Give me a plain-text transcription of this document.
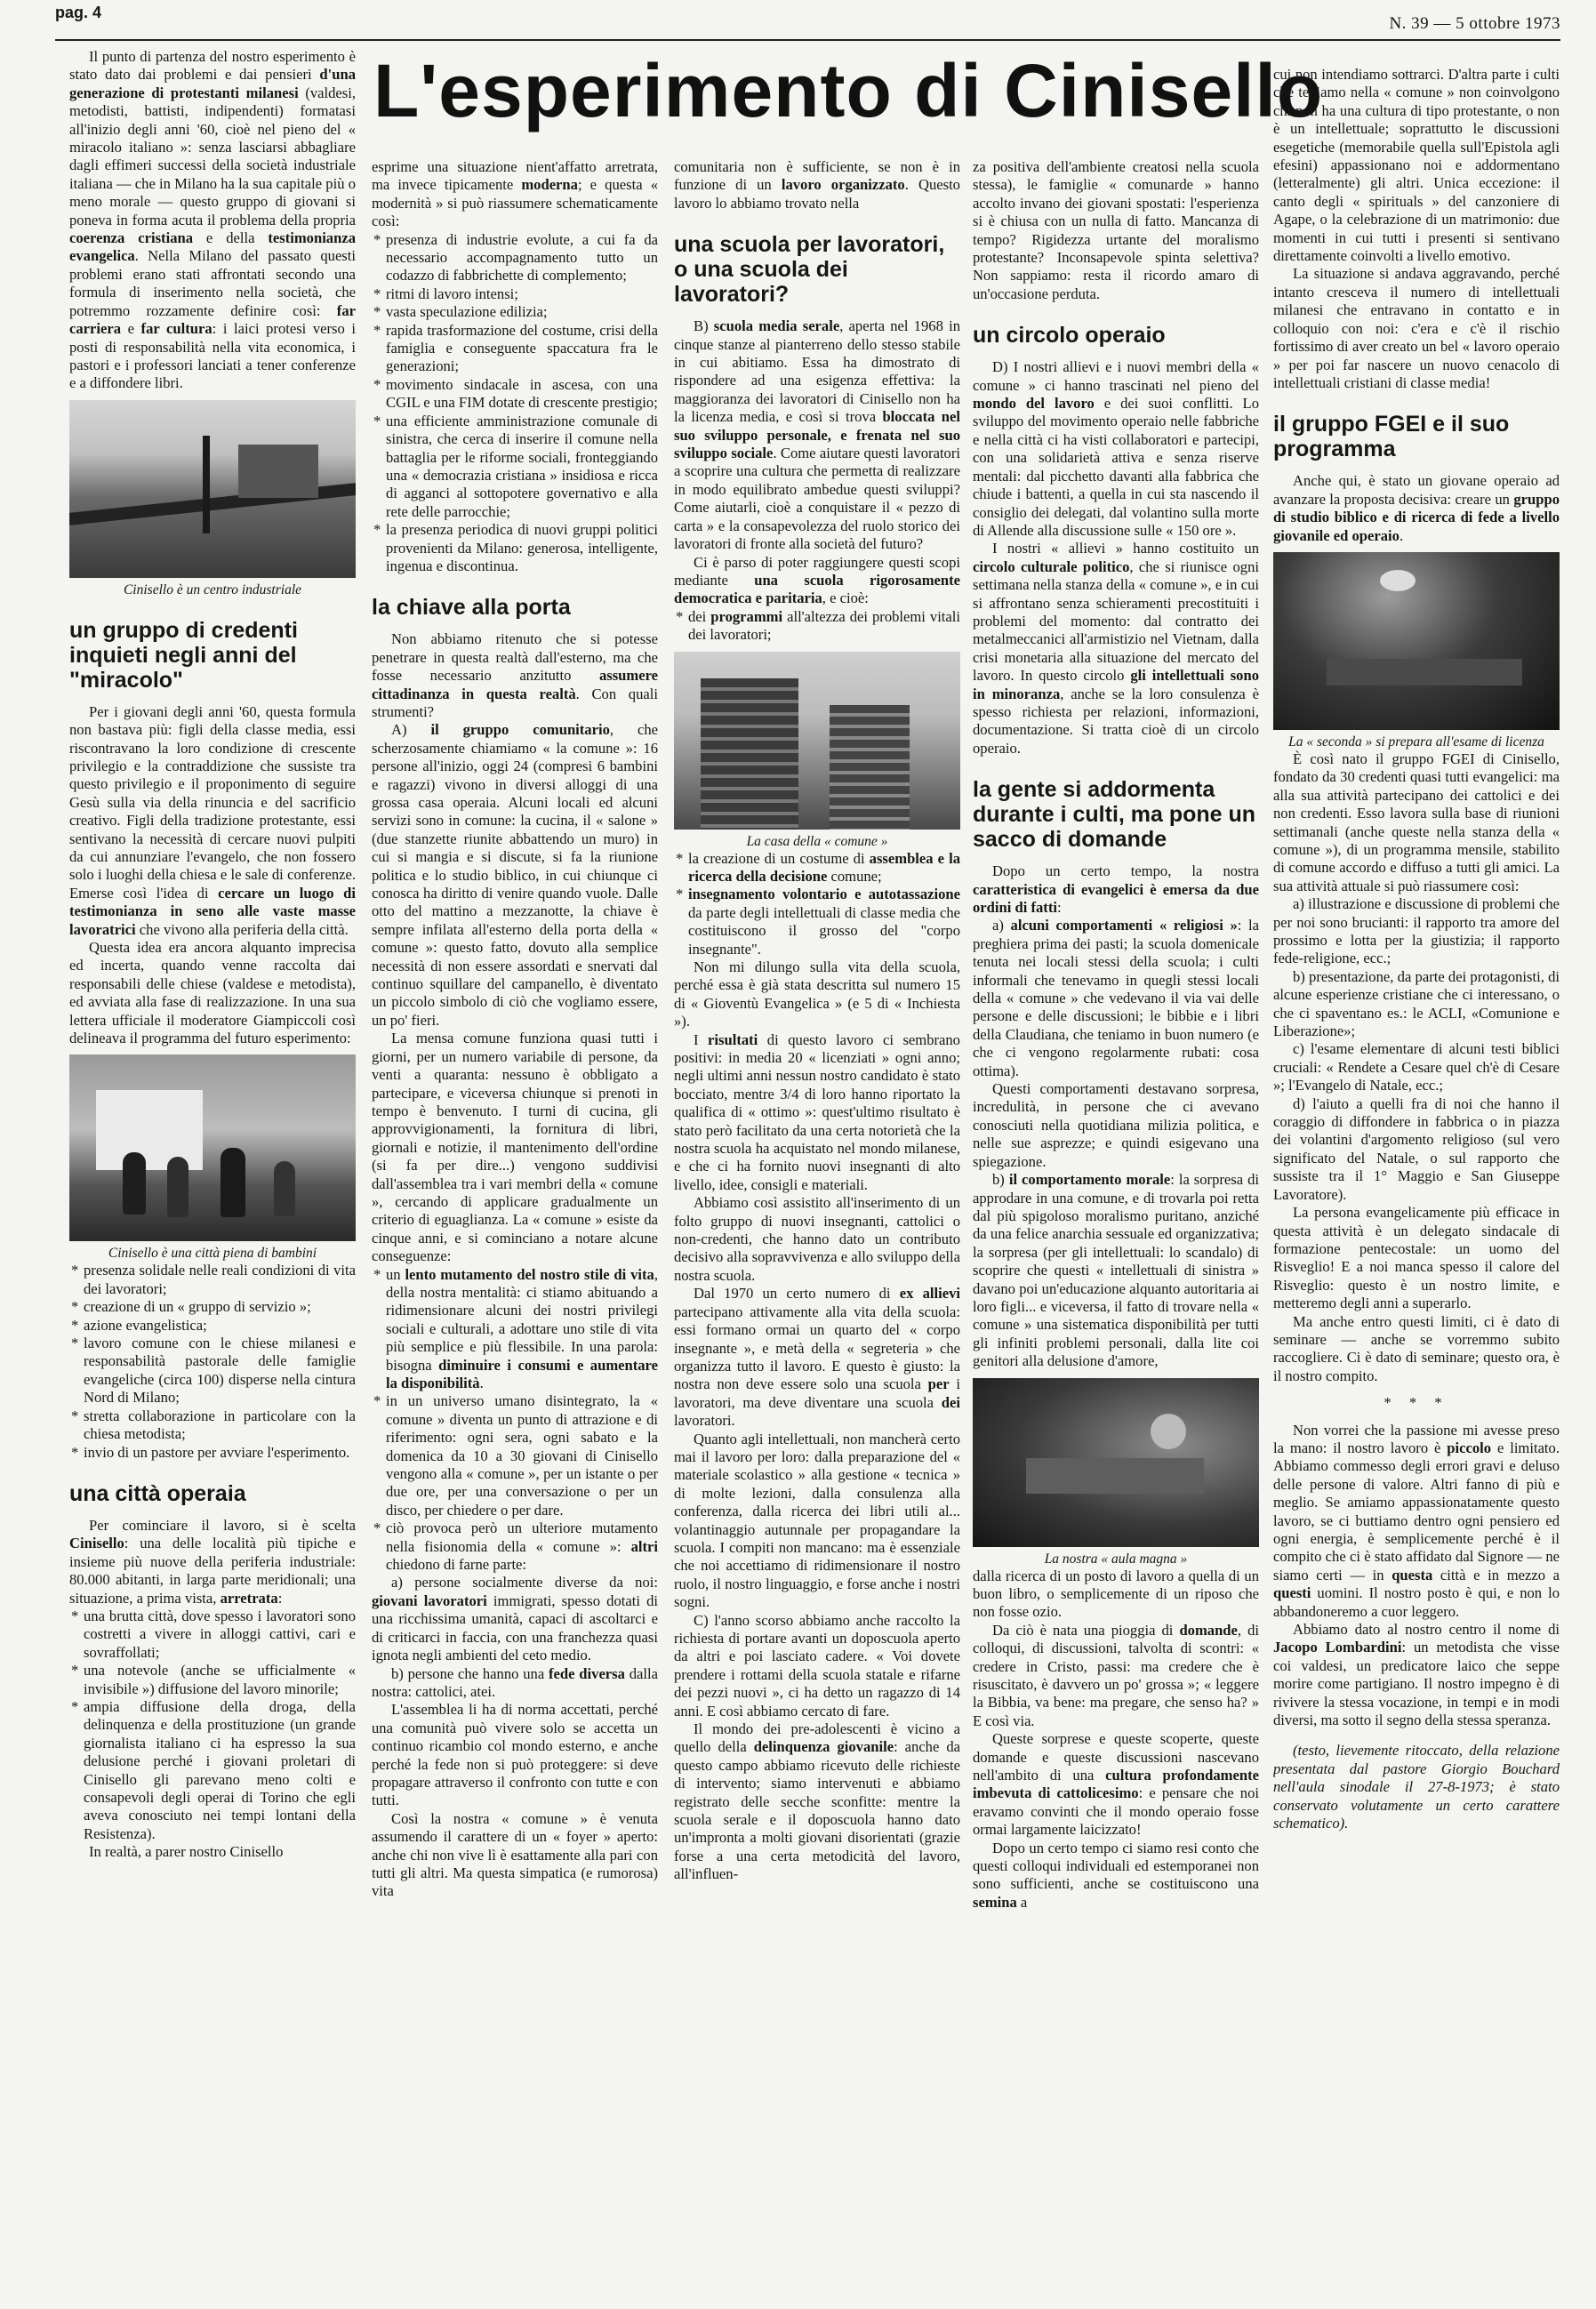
pag. 4
N. 39 — 5 ottobre 1973
L'esperimento di Cinisello

Il punto di partenza del nostro esperimento è stato dato dai problemi e dai pensieri d'una generazione di protestanti milanesi (valdesi, metodisti, battisti, indipendenti) formatasi all'inizio degli anni '60, cioè nel pieno del « miracolo italiano »: senza lasciarsi abbagliare dagli effimeri successi della società industriale italiana — che in Milano ha la sua capitale più o meno morale — questo gruppo di giovani si poneva in forma acuta il problema della propria coerenza cristiana e della testimonianza evangelica. Nella Milano del passato questi problemi erano stati affrontati secondo una formula di inserimento nella società, che potremmo rozzamente definire così: far carriera e far cultura: i laici protesi verso i posti di responsabilità nella vita economica, i pastori e i professori lanciati a tener conferenze e a diffondere libri.

Cinisello è un centro industriale

un gruppo di credenti inquieti negli anni del "miracolo"

Per i giovani degli anni '60, questa formula non bastava più: figli della classe media, essi riscontravano la loro condizione di crescente privilegio e la contraddizione che sussiste tra questo privilegio e il proponimento di seguire Gesù sulla via della rinuncia e del sacrificio creativo. Figli della tradizione protestante, essi sentivano la necessità di cercare nuovi pulpiti da cui annunziare l'evangelo, che non fossero solo i luoghi della chiesa e le sale di conferenze. Emerse così l'idea di cercare un luogo di testimonianza in seno alle vaste masse lavoratrici che vivono alla periferia della città.

Questa idea era ancora alquanto imprecisa ed incerta, quando venne raccolta dai responsabili delle chiese (valdese e metodista), ed avviata alla fase di realizzazione. In una sua lettera ufficiale il moderatore Giampiccoli così delineava il programma del futuro esperimento:

Cinisello è una città piena di bambini

* presenza solidale nelle reali condizioni di vita dei lavoratori;
* creazione di un « gruppo di servizio »;
* azione evangelistica;
* lavoro comune con le chiese milanesi e responsabilità pastorale delle famiglie evangeliche (circa 100) disperse nella cintura Nord di Milano;
* stretta collaborazione in particolare con la chiesa metodista;
* invio di un pastore per avviare l'esperimento.
una città operaia

Per cominciare il lavoro, si è scelta Cinisello: una delle località più tipiche e insieme più nuove della periferia industriale: 80.000 abitanti, in larga parte meridionali; una situazione, a prima vista, arretrata:

* una brutta città, dove spesso i lavoratori sono costretti a vivere in alloggi cattivi, cari e sovraffollati;
* una notevole (anche se ufficialmente « invisibile ») diffusione del lavoro minorile;
* ampia diffusione della droga, della delinquenza e della prostituzione (un grande giornalista italiano ci ha espresso la sua delusione perché i giovani proletari di Cinisello gli parevano meno colti e consapevoli degli operai di Torino che egli aveva conosciuto nei tempi lontani della Resistenza).

In realtà, a parer nostro Cinisello

esprime una situazione nient'affatto arretrata, ma invece tipicamente moderna; e questa « modernità » si può riassumere schematicamente così:

* presenza di industrie evolute, a cui fa da necessario accompagnamento tutto un codazzo di fabbrichette di complemento;
* ritmi di lavoro intensi;
* vasta speculazione edilizia;
* rapida trasformazione del costume, crisi della famiglia e conseguente spaccatura fra le generazioni;
* movimento sindacale in ascesa, con una CGIL e una FIM dotate di crescente prestigio;
* una efficiente amministrazione comunale di sinistra, che cerca di inserire il comune nella battaglia per le riforme sociali, fronteggiando una « democrazia cristiana » insidiosa e ricca di agganci al sottopotere governativo e alla rete delle parrocchie;
* la presenza periodica di nuovi gruppi politici provenienti da Milano: generosa, intelligente, ingenua e discontinua.
la chiave alla porta

Non abbiamo ritenuto che si potesse penetrare in questa realtà dall'esterno, ma che fosse necessario anzitutto assumere cittadinanza in questa realtà. Con quali strumenti?

A) il gruppo comunitario, che scherzosamente chiamiamo « la comune »: 16 persone all'inizio, oggi 24 (compresi 6 bambini e ragazzi) vivono in diversi alloggi di una grossa casa operaia. Alcuni locali ed alcuni servizi sono in comune: la cucina, il « salone » (due stanzette riunite abbattendo un muro) in cui si mangia e si discute, si fa la riunione politica e lo studio biblico, in cui chiunque ci conosca ha diritto di venire quando vuole. Dalle otto del mattino a mezzanotte, la chiave è sempre infilata all'esterno della porta della « comune »: questo fatto, dovuto alla semplice necessità di non essere assordati e snervati dal continuo squillare del campanello, è diventato un piccolo simbolo di ciò che vogliamo essere, un po' fieri.

La mensa comune funziona quasi tutti i giorni, per un numero variabile di persone, da venti a quaranta: nessuno è obbligato a partecipare, e viceversa chiunque si prenoti in tempo è benvenuto. I turni di cucina, gli approvvigionamenti, la fornitura di libri, giornali e notizie, il mantenimento dell'ordine (si fa per dire...) vengono suddivisi dall'assemblea tra i vari membri della « comune », cercando di applicare gradualmente un criterio di eguaglianza. La « comune » esiste da cinque anni, e si cominciano a notare alcune conseguenze:

* un lento mutamento del nostro stile di vita, della nostra mentalità: ci stiamo abituando a ridimensionare alcuni dei nostri privilegi sociali e culturali, a adottare uno stile di vita più semplice e più flessibile. In una parola: bisogna diminuire i consumi e aumentare la disponibilità.
* in un universo umano disintegrato, la « comune » diventa un punto di attrazione e di riferimento: ogni sera, ogni sabato e la domenica da 10 a 30 giovani di Cinisello vengono alla « comune », per un istante o per due ore, per una conversazione o per un disco, per chiedere o per dare.
* ciò provoca però un ulteriore mutamento nella fisionomia della « comune »: altri chiedono di farne parte:

a) persone socialmente diverse da noi: giovani lavoratori immigrati, spesso dotati di una ricchissima umanità, capaci di ascoltarci e di criticarci in faccia, con una franchezza quasi ignota negli ambienti del ceto medio.

b) persone che hanno una fede diversa dalla nostra: cattolici, atei.

L'assemblea li ha di norma accettati, perché una comunità può vivere solo se accetta un continuo ricambio col mondo esterno, e anche perché la fede non si può proteggere: si deve propagare attraverso il confronto con tutte e con tutti.

Così la nostra « comune » è venuta assumendo il carattere di un « foyer » aperto: anche chi non vive lì è esattamente alla pari con tutti gli altri. Ma questa simpatica (e rumorosa) vita

comunitaria non è sufficiente, se non è in funzione di un lavoro organizzato. Questo lavoro lo abbiamo trovato nella

una scuola per lavoratori, o una scuola dei lavoratori?

B) scuola media serale, aperta nel 1968 in cinque stanze al pianterreno dello stesso stabile in cui abitiamo. Essa ha dimostrato di rispondere ad una esigenza effettiva: la maggioranza dei lavoratori di Cinisello non ha la licenza media, e così si trova bloccata nel suo sviluppo personale, e frenata nel suo sviluppo sociale. Come aiutare questi lavoratori a scoprire una cultura che permetta di realizzare in modo equilibrato ambedue questi sviluppi? Come aiutarli, cioè a conquistare il « pezzo di carta » e la consapevolezza del ruolo storico dei lavoratori di fronte alla società del futuro?

Ci è parso di poter raggiungere questi scopi mediante una scuola rigorosamente democratica e paritaria, e cioè:

* dei programmi all'altezza dei problemi vitali dei lavoratori;

La casa della « comune »

* la creazione di un costume di assemblea e la ricerca della decisione comune;
* insegnamento volontario e autotassazione da parte degli intellettuali di classe media che costituiscono il grosso del "corpo insegnante".

Non mi dilungo sulla vita della scuola, perché essa è già stata descritta sul numero 15 di « Gioventù Evangelica » (e 5 di « Inchiesta »).

I risultati di questo lavoro ci sembrano positivi: in media 20 « licenziati » ogni anno; negli ultimi anni nessun nostro candidato è stato bocciato, mentre 3/4 di loro hanno riportato la qualifica di « ottimo »: quest'ultimo risultato è stato però facilitato da una certa notorietà che la nostra scuola ha acquistato nel mondo milanese, e che ci ha fornito nuovi insegnanti di alto livello, idee, consigli e materiali.

Abbiamo così assistito all'inserimento di un folto gruppo di nuovi insegnanti, cattolici o non-credenti, che hanno dato un contributo decisivo alla sopravvivenza e allo sviluppo della nostra scuola.

Dal 1970 un certo numero di ex allievi partecipano attivamente alla vita della scuola: essi formano ormai un quarto del « corpo insegnante », e metà della « segreteria » che organizza tutto il lavoro. E questo è giusto: la nostra non deve essere solo una scuola per i lavoratori, ma deve diventare una scuola dei lavoratori.

Quanto agli intellettuali, non mancherà certo mai il lavoro per loro: dalla preparazione del « materiale scolastico » alla gestione « tecnica » di molte lezioni, dalla consulenza alla conferenza, dalla ricerca dei libri utili al... volantinaggio autunnale per propagandare la scuola. I compiti non mancano: ma è essenziale che noi accettiamo di ridimensionare il nostro ruolo, il nostro linguaggio, e forse anche i nostri sogni.

C) l'anno scorso abbiamo anche raccolto la richiesta di portare avanti un doposcuola aperto da altri e poi lasciato cadere. « Voi dovete prendere i rottami della scuola statale e rifarne dei pezzi nuovi », ci ha detto un ragazzo di 14 anni. E così abbiamo cercato di fare.

Il mondo dei pre-adolescenti è vicino a quello della delinquenza giovanile: anche da questo campo abbiamo ricevuto delle richieste di intervento; siamo intervenuti e abbiamo registrato delle secche sconfitte: mentre la scuola serale e il doposcuola hanno dato un'impronta a molti giovani disorientati (grazie forse a una certa metodicità del lavoro, all'influen-

za positiva dell'ambiente creatosi nella scuola stessa), le famiglie « comunarde » hanno accolto invano dei giovani spostati: l'esperienza si è chiusa con un nulla di fatto. Mancanza di tempo? Rigidezza urtante del moralismo protestante? Inconsapevole spinta selettiva? Non sappiamo: resta il ricordo amaro di un'occasione perduta.

un circolo operaio

D) I nostri allievi e i nuovi membri della « comune » ci hanno trascinati nel pieno del mondo del lavoro e dei suoi conflitti. Lo sviluppo del movimento operaio nelle fabbriche e nella città ci ha visti collaboratori e partecipi, con una solidarietà attiva e senza riserve mentali: dal picchetto davanti alla fabbrica che chiude i battenti, a quella in cui sta nascendo il consiglio dei delegati, dal volantino sulla morte di Allende alla discussione sulle « 150 ore ».

I nostri « allievi » hanno costituito un circolo culturale politico, che si riunisce ogni settimana nella stanza della « comune », e in cui si affrontano senza schieramenti precostituiti i problemi del momento: dal contratto dei metalmeccanici all'armistizio nel Vietnam, dalla crisi monetaria alla situazione del mercato del lavoro. In questo circolo gli intellettuali sono in minoranza, anche se la loro consulenza è spesso richiesta per relazioni, informazioni, documentazione. Si tratta cioè di un circolo operaio.

la gente si addormenta durante i culti, ma pone un sacco di domande

Dopo un certo tempo, la nostra caratteristica di evangelici è emersa da due ordini di fatti:

a) alcuni comportamenti « religiosi »: la preghiera prima dei pasti; la scuola domenicale tenuta nei locali stessi della scuola; i culti informali che tenevamo in quegli stessi locali della « comune » che vedevano il via vai delle persone e delle discussioni; le bibbie e i libri della Claudiana, che teniamo in buon numero (e che ci vengono regolarmente rubati: cosa ottima).

Questi comportamenti destavano sorpresa, incredulità, in persone che ci avevano conosciuti nella quotidiana milizia politica, e nelle sue asprezze; e quindi esigevano una spiegazione.

b) il comportamento morale: la sorpresa di approdare in una comune, e di trovarla poi retta dal più spigoloso moralismo puritano, anziché da una felice anarchia sessuale ed organizzativa; la sorpresa (per gli intellettuali: lo scandalo) di scoprire che questi « intellettuali di sinistra » davano poi un'educazione alquanto autoritaria ai loro figli... e viceversa, il fatto di trovare nella « comune » una sistematica disponibilità per tutti gli infiniti problemi personali, dalla lite coi genitori alla delusione d'amore,

La nostra « aula magna »

dalla ricerca di un posto di lavoro a quella di un buon libro, o semplicemente di un riposo che non fosse ozio.

Da ciò è nata una pioggia di domande, di colloqui, di discussioni, talvolta di scontri: « credere in Cristo, passi: ma credere che è risuscitato, è davvero un po' grossa »; « leggere la Bibbia, va bene: ma pregare, che senso ha? » E così via.

Queste sorprese e queste scoperte, queste domande e queste discussioni nascevano nell'ambito di una cultura profondamente imbevuta di cattolicesimo: e pensare che noi eravamo convinti che il mondo operaio fosse ormai largamente laicizzato!

Dopo un certo tempo ci siamo resi conto che questi colloqui individuali ed estemporanei non sono sufficienti, anche se costituiscono una semina a

cui non intendiamo sottrarci. D'altra parte i culti che teniamo nella « comune » non coinvolgono chi non ha una cultura di tipo protestante, o non è un intellettuale; soprattutto le discussioni esegetiche (memorabile quella sull'Epistola agli efesini) appassionano noi e addormentano (letteralmente) gli altri. Unica eccezione: il canto degli « spirituals » del canzoniere di Agape, o la celebrazione di un matrimonio: due momenti in cui tutti i presenti si sentivano direttamente coinvolti a livello emotivo.

La situazione si andava aggravando, perché intanto cresceva il numero di intellettuali milanesi che entravano in contatto e in colloquio con noi: c'era e c'è il rischio fortissimo di aver creato un bel « lavoro operaio » per poi far nascere un nuovo cenacolo di intellettuali cristiani di classe media!

il gruppo FGEI e il suo programma

Anche qui, è stato un giovane operaio ad avanzare la proposta decisiva: creare un gruppo di studio biblico e di ricerca di fede a livello giovanile ed operaio.

La « seconda » si prepara all'esame di licenza

È così nato il gruppo FGEI di Cinisello, fondato da 30 credenti quasi tutti evangelici: ma alla sua attività partecipano dei cattolici e dei non credenti. Esso lavora sulla base di riunioni settimanali (anche queste nella stanza della « comune »), di un programma mensile, stabilito di comune accordo e diffuso a tutti gli amici. La sua attività attuale si può riassumere così:

a) illustrazione e discussione di problemi che per noi sono brucianti: il rapporto tra amore del prossimo e lotta per la giustizia; il rapporto fede-religione, ecc.;

b) presentazione, da parte dei protagonisti, di alcune esperienze cristiane che ci interessano, o che ci spaventano es.: le ACLI, «Comunione e Liberazione»;

c) l'esame elementare di alcuni testi biblici cruciali: « Rendete a Cesare quel ch'è di Cesare »; l'Evangelo di Natale, ecc.;

d) l'aiuto a quelli fra di noi che hanno il coraggio di diffondere in fabbrica o in piazza dei volantini d'argomento religioso (sul vero significato del Natale, o sul rapporto che sussiste tra il 1° Maggio e San Giuseppe Lavoratore).

La persona evangelicamente più efficace in questa attività è un delegato sindacale di formazione pentecostale: un uomo del Risveglio! E a noi manca spesso il calore del Risveglio: questo è un nostro limite, e metteremo degli anni a superarlo.

Ma anche entro questi limiti, ci è dato di seminare — anche se vorremmo subito raccogliere. Ci è dato di seminare; questo ora, è il nostro compito.

* * *

Non vorrei che la passione mi avesse preso la mano: il nostro lavoro è piccolo e limitato. Abbiamo commesso degli errori gravi e deluso delle persone di valore. Altri fanno di più e meglio. Se amiamo appassionatamente questo lavoro, se ci buttiamo dentro ogni pensiero ed ogni energia, è semplicemente perché è il compito che ci è stato affidato dal Signore — ne siamo certi — in questa città e in mezzo a questi uomini. Il nostro posto è qui, e non lo abbandoneremo a cuor leggero.

Abbiamo dato al nostro centro il nome di Jacopo Lombardini: un metodista che visse coi valdesi, un predicatore laico che seppe morire come partigiano. Il nostro impegno è di rivivere la stessa vocazione, in tempi e in modi diversi, ma sotto il segno della stessa speranza.

(testo, lievemente ritoccato, della relazione presentata dal pastore Giorgio Bouchard nell'aula sinodale il 27-8-1973; è stato conservato volutamente un certo carattere schematico).
